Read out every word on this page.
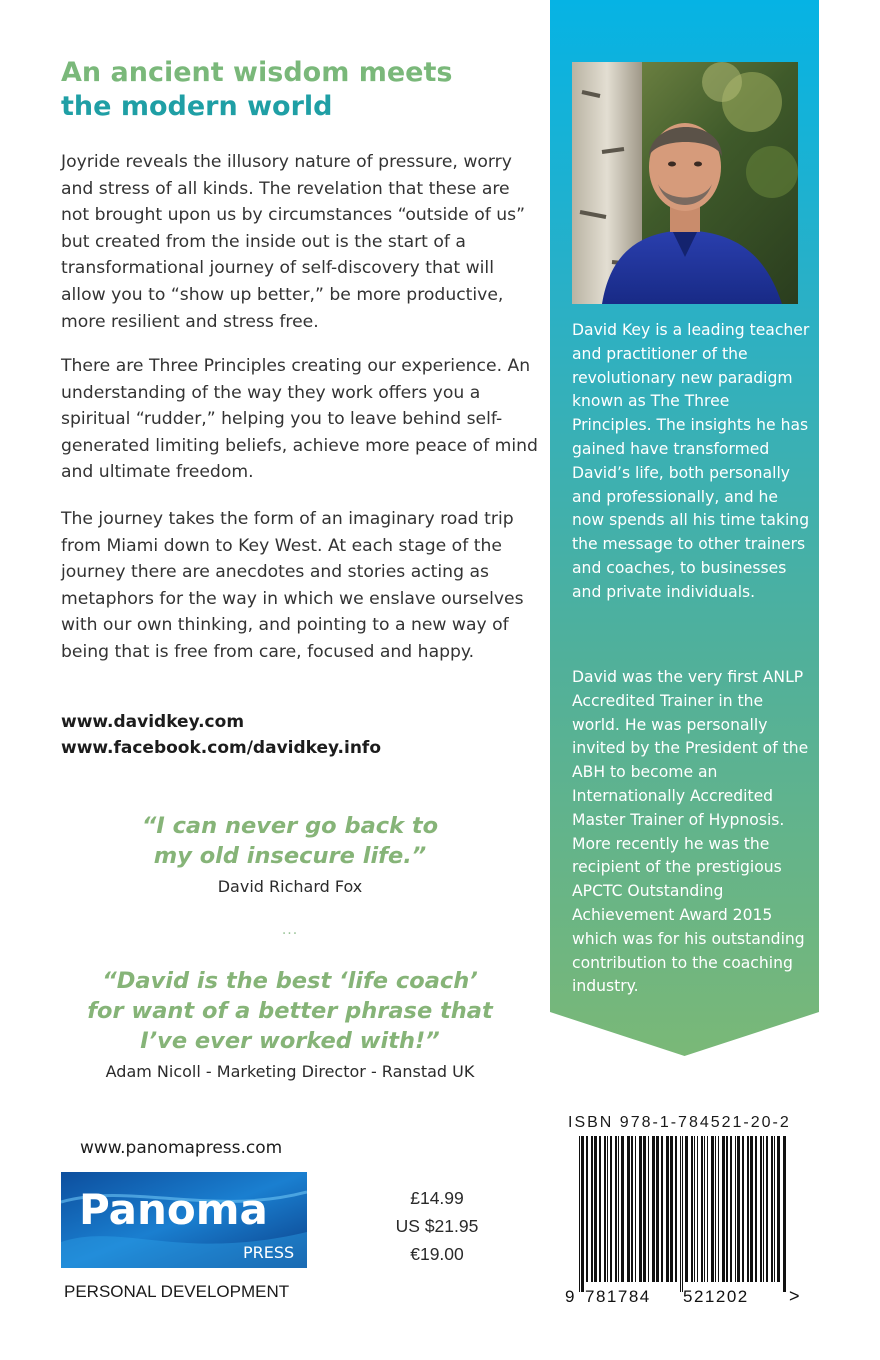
An ancient wisdom meets
the modern world

Joyride reveals the illusory nature of pressure, worry and stress of all kinds. The revelation that these are not brought upon us by circumstances “outside of us” but created from the inside out is the start of a transformational journey of self-discovery that will allow you to “show up better,” be more productive, more resilient and stress free.

There are Three Principles creating our experience. An understanding of the way they work offers you a spiritual “rudder,” helping you to leave behind self-generated limiting beliefs, achieve more peace of mind and ultimate freedom.

The journey takes the form of an imaginary road trip from Miami down to Key West. At each stage of the journey there are anecdotes and stories acting as metaphors for the way in which we enslave ourselves with our own thinking, and pointing to a new way of being that is free from care, focused and happy.

www.davidkey.com
www.facebook.com/davidkey.info
“I can never go back to
my old insecure life.”
David Richard Fox
...
“David is the best ‘life coach’
for want of a better phrase that
I’ve ever worked with!”
Adam Nicoll - Marketing Director - Ranstad UK

David Key is a leading teacher and practitioner of the revolutionary new paradigm known as The Three Principles. The insights he has gained have transformed David’s life, both personally and professionally, and he now spends all his time taking the message to other trainers and coaches, to businesses and private individuals.

David was the very first ANLP Accredited Trainer in the world. He was personally invited by the President of the ABH to become an Internationally Accredited Master Trainer of Hypnosis. More recently he was the recipient of the prestigious APCTC Outstanding Achievement Award 2015 which was for his outstanding contribution to the coaching industry.

www.panomapress.com
Panoma
PRESS
PERSONAL DEVELOPMENT
£14.99
US $21.95
€19.00
ISBN 978-1-784521-20-2
9 781784 521202 >
